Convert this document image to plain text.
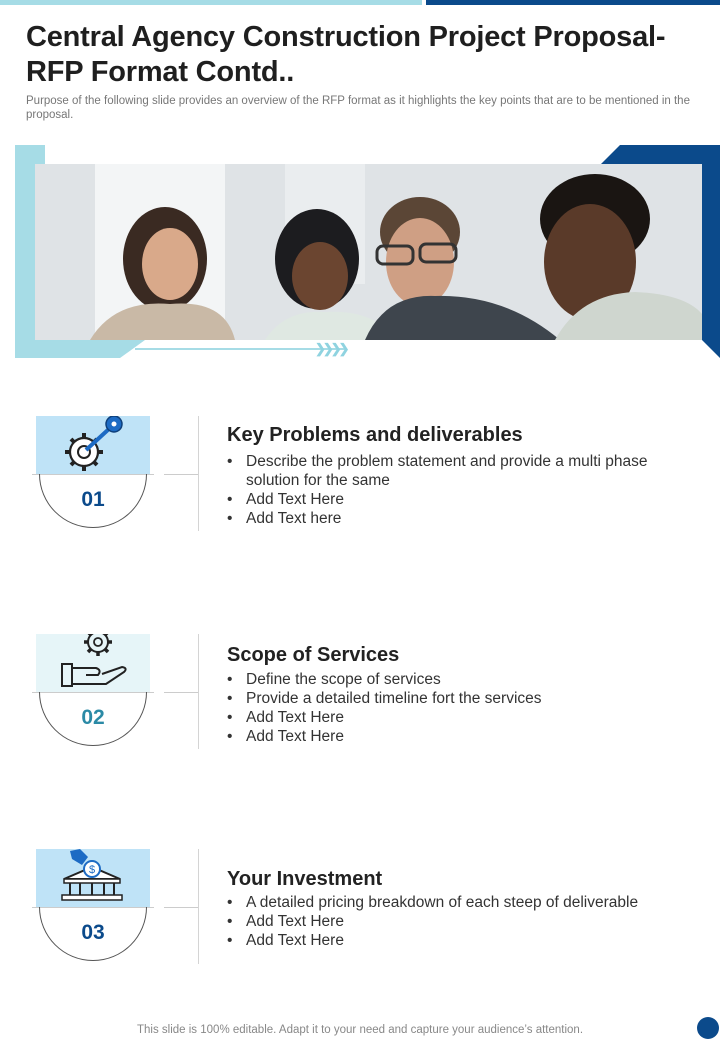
Central Agency Construction Project Proposal- RFP Format Contd..

Purpose of the following slide provides an overview of the RFP format as it highlights the key points that are to be mentioned in the proposal.

❯❯❯❯
01
Key Problems and deliverables
• Describe the problem statement and provide a multi phase solution for the same
• Add Text Here
• Add Text here
02
Scope of Services
• Define the scope of services
• Provide a detailed timeline fort the services
• Add Text Here
• Add Text Here
$
03
Your Investment
• A detailed pricing breakdown of each steep of deliverable
• Add Text Here
• Add Text Here
This slide is 100% editable. Adapt it to your need and capture your audience’s attention.
